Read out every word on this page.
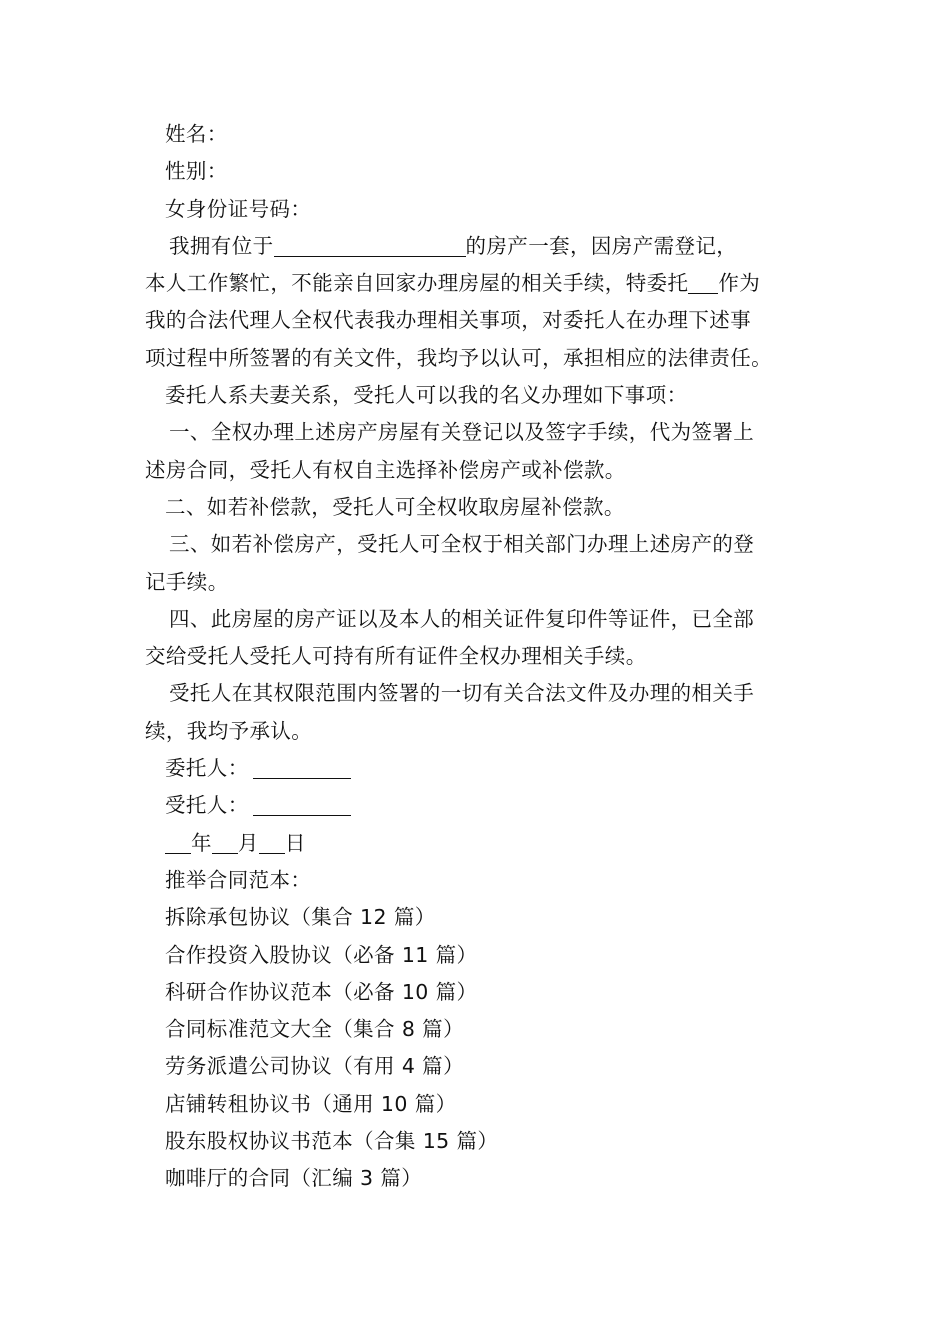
姓名：
性别：
女身份证号码：
我拥有位于	的房产一套，因房产需登记，
本人工作繁忙，不能亲自回家办理房屋的相关手续，特委托 作为
我的合法代理人全权代表我办理相关事项，对委托人在办理下述事
项过程中所签署的有关文件，我均予以认可，承担相应的法律责任。
委托人系夫妻关系，受托人可以我的名义办理如下事项：
一、全权办理上述房产房屋有关登记以及签字手续，代为签署上
述房合同，受托人有权自主选择补偿房产或补偿款。
二、如若补偿款，受托人可全权收取房屋补偿款。
三、如若补偿房产，受托人可全权于相关部门办理上述房产的登
记手续。
四、此房屋的房产证以及本人的相关证件复印件等证件，已全部
交给受托人受托人可持有所有证件全权办理相关手续。
受托人在其权限范围内签署的一切有关合法文件及办理的相关手
续，我均予承认。
委托人：
受托人：
年 月 日
推举合同范本：
拆除承包协议（集合 12 篇）
合作投资入股协议（必备 11 篇）
科研合作协议范本（必备 10 篇）
合同标准范文大全（集合 8 篇）
劳务派遣公司协议（有用 4 篇）
店铺转租协议书（通用 10 篇）
股东股权协议书范本（合集 15 篇）
咖啡厅的合同（汇编 3 篇）
